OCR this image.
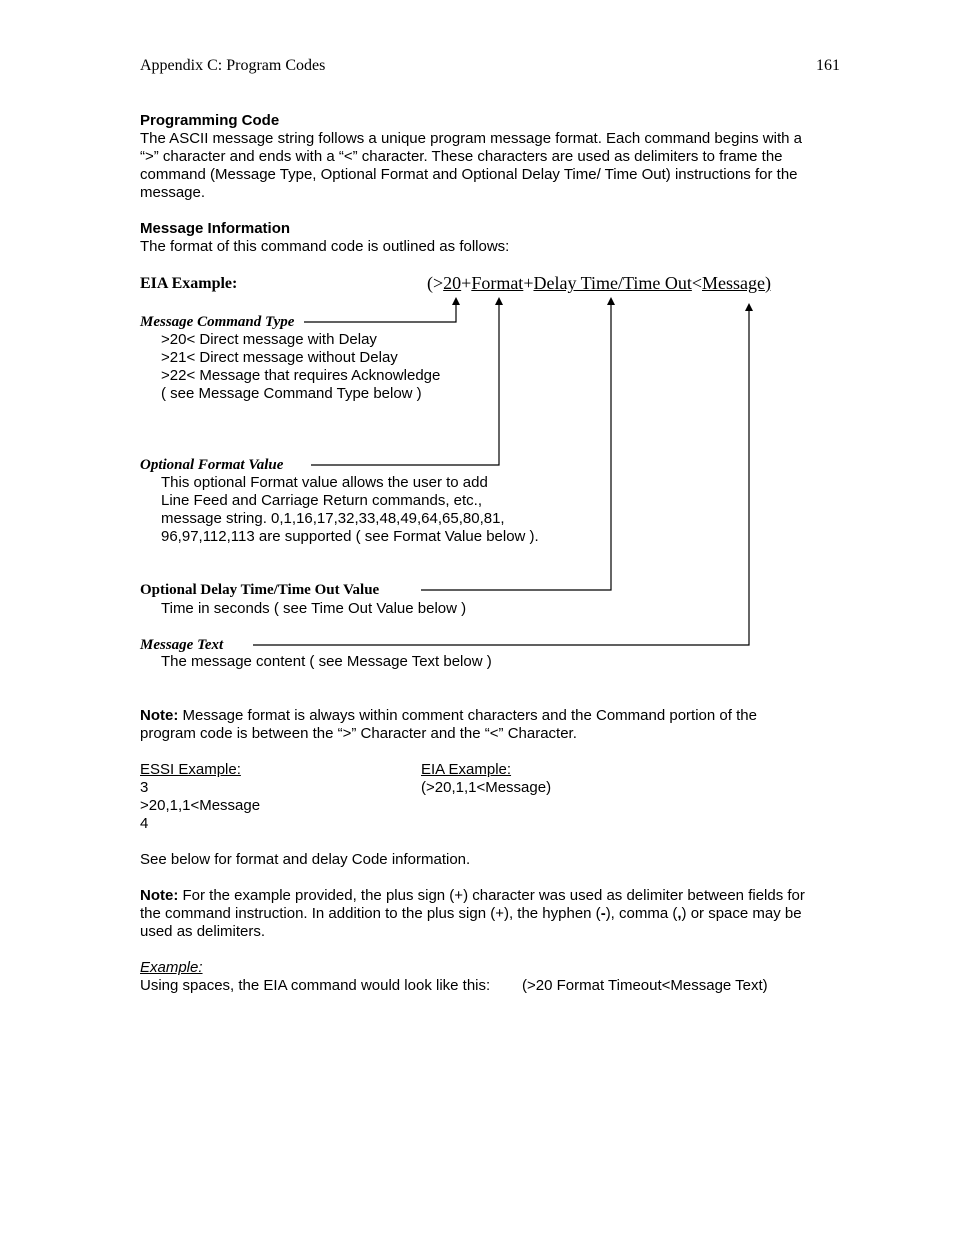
Appendix C: Program Codes	161
Programming Code
The ASCII message string follows a unique program message format. Each command begins with a
“>” character and ends with a “<” character. These characters are used as delimiters to frame the
command (Message Type, Optional Format and Optional Delay Time/ Time Out) instructions for the
message.
Message Information
The format of this command code is outlined as follows:
EIA Example:	(>20+Format+Delay Time/Time Out<Message)
Message Command Type
>20< Direct message with Delay
>21< Direct message without Delay
>22< Message that requires Acknowledge
( see Message Command Type below )
Optional Format Value
This optional Format value allows the user to add
Line Feed and Carriage Return commands, etc.,
message string. 0,1,16,17,32,33,48,49,64,65,80,81,
96,97,112,113 are supported ( see Format Value below ).
Optional Delay Time/Time Out Value
Time in seconds ( see Time Out Value below )
Message Text
The message content ( see Message Text below )
Note: Message format is always within comment characters and the Command portion of the
program code is between the “>” Character and the “<” Character.
ESSI Example:
3
>20,1,1<Message
4
EIA Example:
(>20,1,1<Message)
See below for format and delay Code information.
Note: For the example provided, the plus sign (+) character was used as delimiter between fields for
the command instruction. In addition to the plus sign (+), the hyphen (-), comma (,) or space may be
used as delimiters.
Example:
Using spaces, the EIA command would look like this: (>20 Format Timeout<Message Text)
